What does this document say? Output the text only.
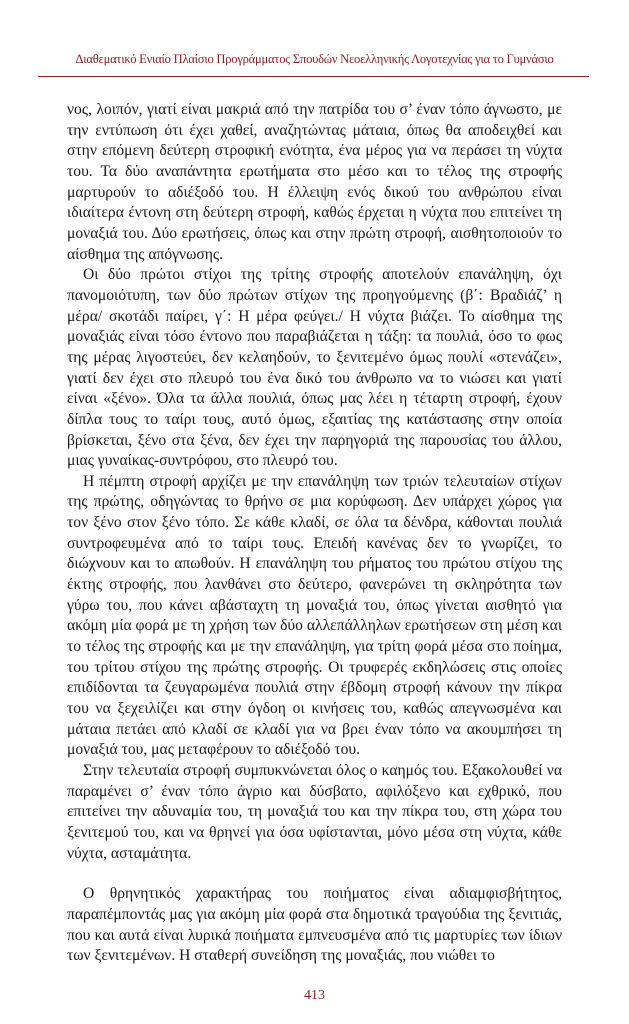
Διαθεματικό Ενιαίο Πλαίσιο Προγράμματος Σπουδών Νεοελληνικής Λογοτεχνίας για το Γυμνάσιο

νος, λοιπόν, γιατί είναι μακριά από την πατρίδα του σ’ έναν τόπο άγνωστο, με την εντύπωση ότι έχει χαθεί, αναζητώντας μάταια, όπως θα αποδειχθεί και στην επόμενη δεύτερη στροφική ενότητα, ένα μέρος για να περάσει τη νύχτα του. Τα δύο αναπάντητα ερωτήματα στο μέσο και το τέλος της στροφής μαρτυρούν το αδιέξοδό του. Η έλλειψη ενός δικού του ανθρώπου είναι ιδιαίτερα έντονη στη δεύτερη στροφή, καθώς έρχεται η νύχτα που επιτείνει τη μοναξιά του. Δύο ερωτήσεις, όπως και στην πρώτη στροφή, αισθητοποιούν το αίσθημα της απόγνωσης.

Οι δύο πρώτοι στίχοι της τρίτης στροφής αποτελούν επανάληψη, όχι πανομοιότυπη, των δύο πρώτων στίχων της προηγούμενης (β΄: Βραδιάζ’ η μέρα/ σκοτάδι παίρει, γ΄: Η μέρα φεύγει./ Η νύχτα βιάζει. Το αίσθημα της μοναξιάς είναι τόσο έντονο που παραβιάζεται η τάξη: τα πουλιά, όσο το φως της μέρας λιγοστεύει, δεν κελαηδούν, το ξενιτεμένο όμως πουλί «στενάζει», γιατί δεν έχει στο πλευρό του ένα δικό του άνθρωπο να το νιώσει και γιατί είναι «ξένο». Όλα τα άλλα πουλιά, όπως μας λέει η τέταρτη στροφή, έχουν δίπλα τους το ταίρι τους, αυτό όμως, εξαιτίας της κατάστασης στην οποία βρίσκεται, ξένο στα ξένα, δεν έχει την παρηγοριά της παρουσίας του άλλου, μιας γυναίκας-συντρόφου, στο πλευρό του.

Η πέμπτη στροφή αρχίζει με την επανάληψη των τριών τελευταίων στίχων της πρώτης, οδηγώντας το θρήνο σε μια κορύφωση. Δεν υπάρχει χώρος για τον ξένο στον ξένο τόπο. Σε κάθε κλαδί, σε όλα τα δένδρα, κάθονται πουλιά συντροφευμένα από το ταίρι τους. Επειδή κανένας δεν το γνωρίζει, το διώχνουν και το απωθούν. Η επανάληψη του ρήματος του πρώτου στίχου της έκτης στροφής, που λανθάνει στο δεύτερο, φανερώνει τη σκληρότητα των γύρω του, που κάνει αβάσταχτη τη μοναξιά του, όπως γίνεται αισθητό για ακόμη μία φορά με τη χρήση των δύο αλλεπάλληλων ερωτήσεων στη μέση και το τέλος της στροφής και με την επανάληψη, για τρίτη φορά μέσα στο ποίημα, του τρίτου στίχου της πρώτης στροφής. Οι τρυφερές εκδηλώσεις στις οποίες επιδίδονται τα ζευγαρωμένα πουλιά στην έβδομη στροφή κάνουν την πίκρα του να ξεχειλίζει και στην όγδοη οι κινήσεις του, καθώς απεγνωσμένα και μάταια πετάει από κλαδί σε κλαδί για να βρει έναν τόπο να ακουμπήσει τη μοναξιά του, μας μεταφέρουν το αδιέξοδό του.

Στην τελευταία στροφή συμπυκνώνεται όλος ο καημός του. Εξακολουθεί να παραμένει σ’ έναν τόπο άγριο και δύσβατο, αφιλόξενο και εχθρικό, που επιτείνει την αδυναμία του, τη μοναξιά του και την πίκρα του, στη χώρα του ξενιτεμού του, και να θρηνεί για όσα υφίστανται, μόνο μέσα στη νύχτα, κάθε νύχτα, ασταμάτητα.

Ο θρηνητικός χαρακτήρας του ποιήματος είναι αδιαμφισβήτητος, παραπέμποντάς μας για ακόμη μία φορά στα δημοτικά τραγούδια της ξενιτιάς, που και αυτά είναι λυρικά ποιήματα εμπνευσμένα από τις μαρτυρίες των ίδιων των ξενιτεμένων. Η σταθερή συνείδηση της μοναξιάς, που νιώθει το

413
